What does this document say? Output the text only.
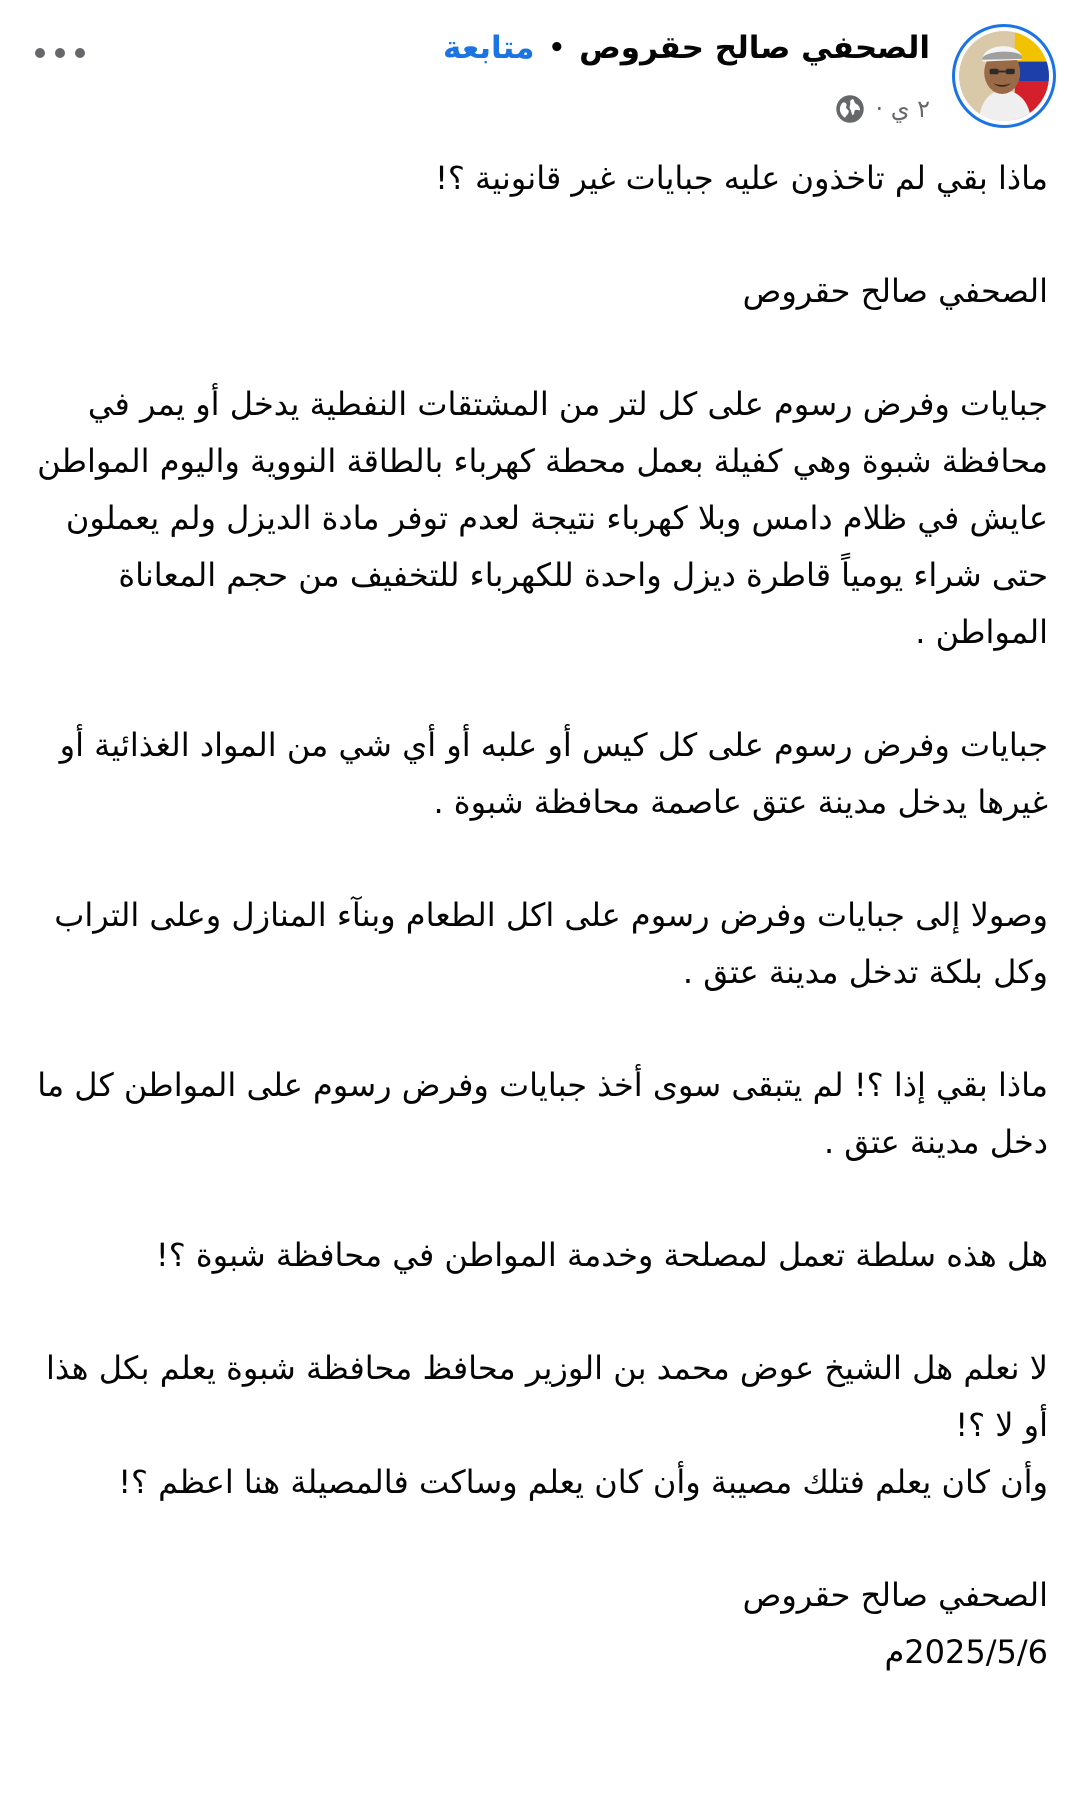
الصحفي صالح حقروص
•
متابعة
٢ ي ·

ماذا بقي لم تاخذون عليه جبايات غير قانونية ؟!

الصحفي صالح حقروص

جبايات وفرض رسوم على كل لتر من المشتقات النفطية يدخل أو يمر في محافظة شبوة وهي كفيلة بعمل محطة كهرباء بالطاقة النووية واليوم المواطن عايش في ظلام دامس وبلا كهرباء نتيجة لعدم توفر مادة الديزل ولم يعملون حتى شراء يومياً قاطرة ديزل واحدة للكهرباء للتخفيف من حجم المعاناة المواطن .

جبايات وفرض رسوم على كل كيس أو علبه أو أي شي من المواد الغذائية أو غيرها يدخل مدينة عتق عاصمة محافظة شبوة .

وصولا إلى جبايات وفرض رسوم على اكل الطعام وبنآء المنازل وعلى التراب وكل بلكة تدخل مدينة عتق .

ماذا بقي إذا ؟! لم يتبقى سوى أخذ جبايات وفرض رسوم على المواطن كل ما دخل مدينة عتق .

هل هذه سلطة تعمل لمصلحة وخدمة المواطن في محافظة شبوة ؟!

لا نعلم هل الشيخ عوض محمد بن الوزير محافظ محافظة شبوة يعلم بكل هذا أو لا ؟!

وأن كان يعلم فتلك مصيبة وأن كان يعلم وساكت فالمصيلة هنا اعظم ؟!

الصحفي صالح حقروص

2025/5/6م
